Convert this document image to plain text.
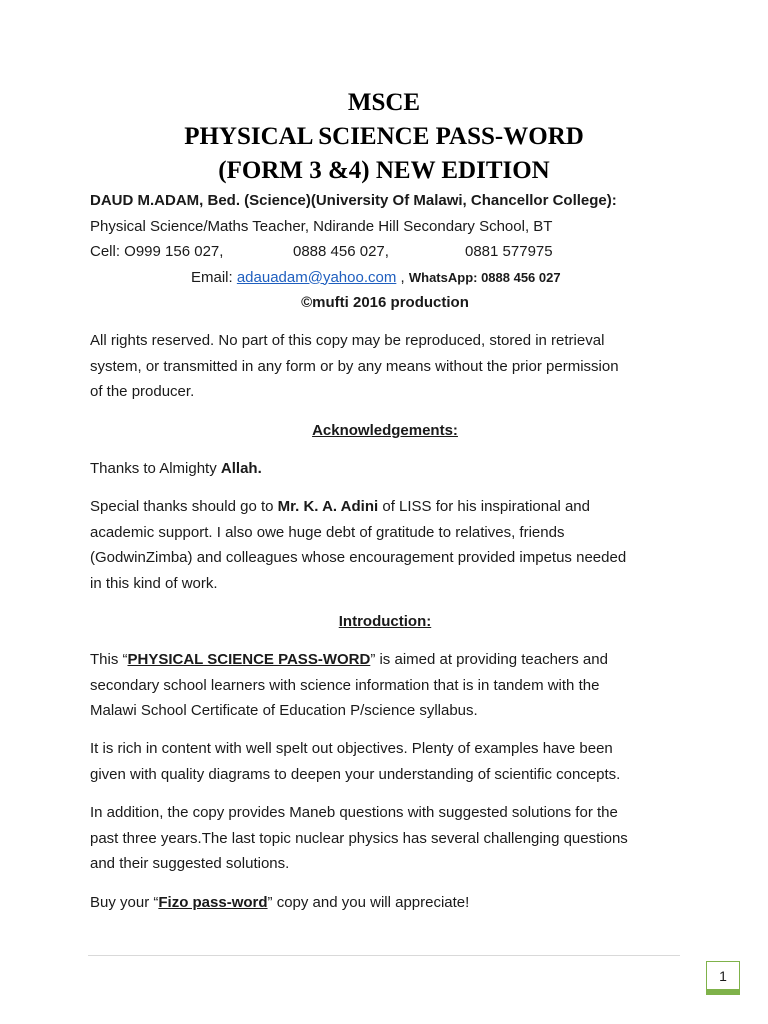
MSCE
PHYSICAL SCIENCE PASS-WORD
(FORM 3 &4) NEW EDITION
DAUD M.ADAM, Bed. (Science)(University Of Malawi, Chancellor College):
Physical Science/Maths Teacher, Ndirande Hill Secondary School, BT
Cell: O999 156 027,	0888 456 027,	0881 577975
Email: adauadam@yahoo.com , WhatsApp: 0888 456 027
©mufti 2016 production
All rights reserved. No part of this copy may be reproduced, stored in retrieval
system, or transmitted in any form or by any means without the prior permission
of the producer.
Acknowledgements:
Thanks to Almighty Allah.
Special thanks should go to Mr. K. A. Adini of LISS for his inspirational and
academic support. I also owe huge debt of gratitude to relatives, friends
(GodwinZimba) and colleagues whose encouragement provided impetus needed
in this kind of work.
Introduction:
This “PHYSICAL SCIENCE PASS-WORD” is aimed at providing teachers and
secondary school learners with science information that is in tandem with the
Malawi School Certificate of Education P/science syllabus.
It is rich in content with well spelt out objectives. Plenty of examples have been
given with quality diagrams to deepen your understanding of scientific concepts.
In addition, the copy provides Maneb questions with suggested solutions for the
past three years.The last topic nuclear physics has several challenging questions
and their suggested solutions.
Buy your “Fizo pass-word” copy and you will appreciate!
1
